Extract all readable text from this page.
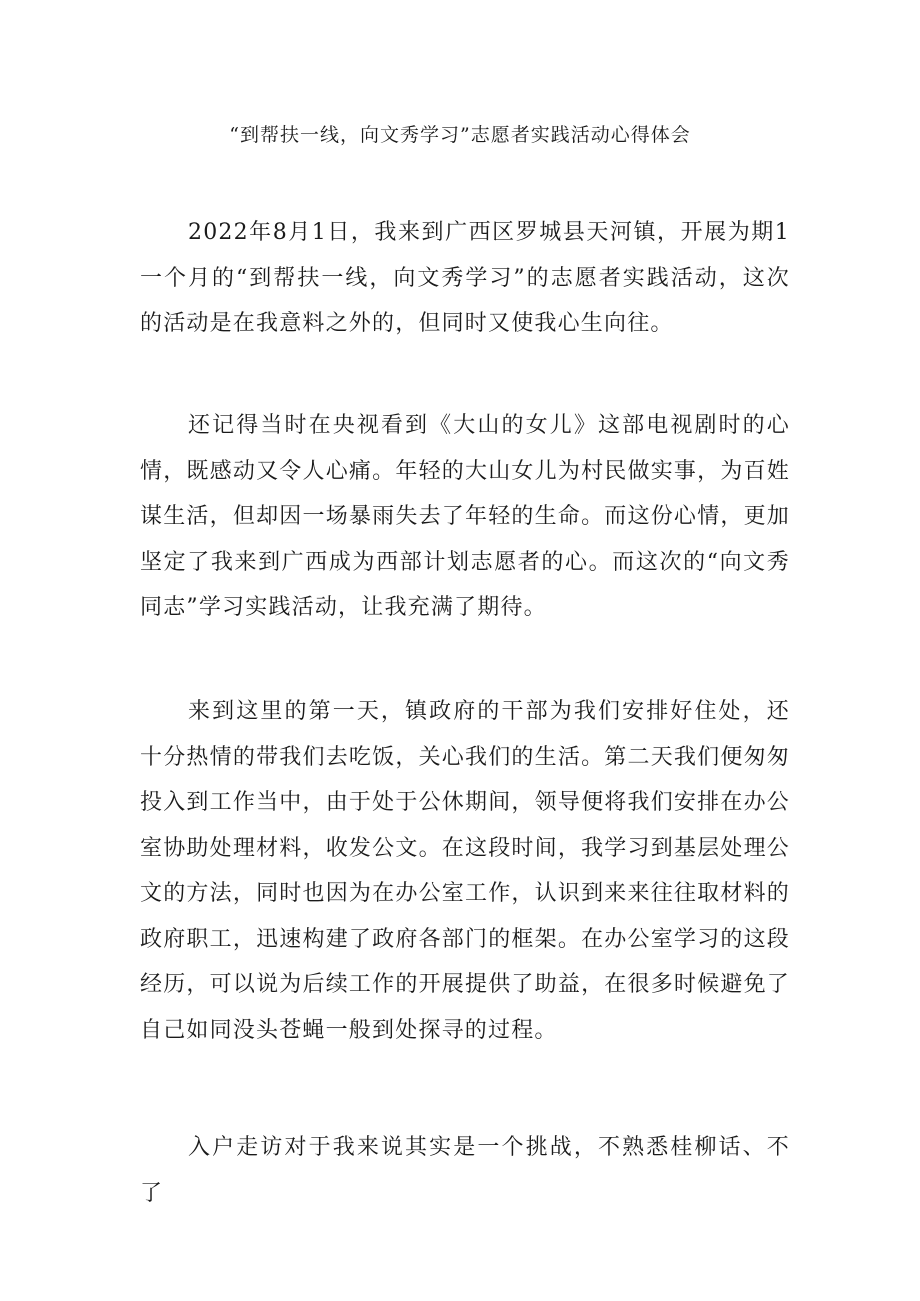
“到帮扶一线，向文秀学习”志愿者实践活动心得体会

2022年8月1日，我来到广西区罗城县天河镇，开展为期1一个月的“到帮扶一线，向文秀学习”的志愿者实践活动，这次的活动是在我意料之外的，但同时又使我心生向往。

还记得当时在央视看到《大山的女儿》这部电视剧时的心情，既感动又令人心痛。年轻的大山女儿为村民做实事，为百姓谋生活，但却因一场暴雨失去了年轻的生命。而这份心情，更加坚定了我来到广西成为西部计划志愿者的心。而这次的“向文秀同志”学习实践活动，让我充满了期待。

来到这里的第一天，镇政府的干部为我们安排好住处，还十分热情的带我们去吃饭，关心我们的生活。第二天我们便匆匆投入到工作当中，由于处于公休期间，领导便将我们安排在办公室协助处理材料，收发公文。在这段时间，我学习到基层处理公文的方法，同时也因为在办公室工作，认识到来来往往取材料的政府职工，迅速构建了政府各部门的框架。在办公室学习的这段经历，可以说为后续工作的开展提供了助益，在很多时候避免了自己如同没头苍蝇一般到处探寻的过程。

入户走访对于我来说其实是一个挑战，不熟悉桂柳话、不了
